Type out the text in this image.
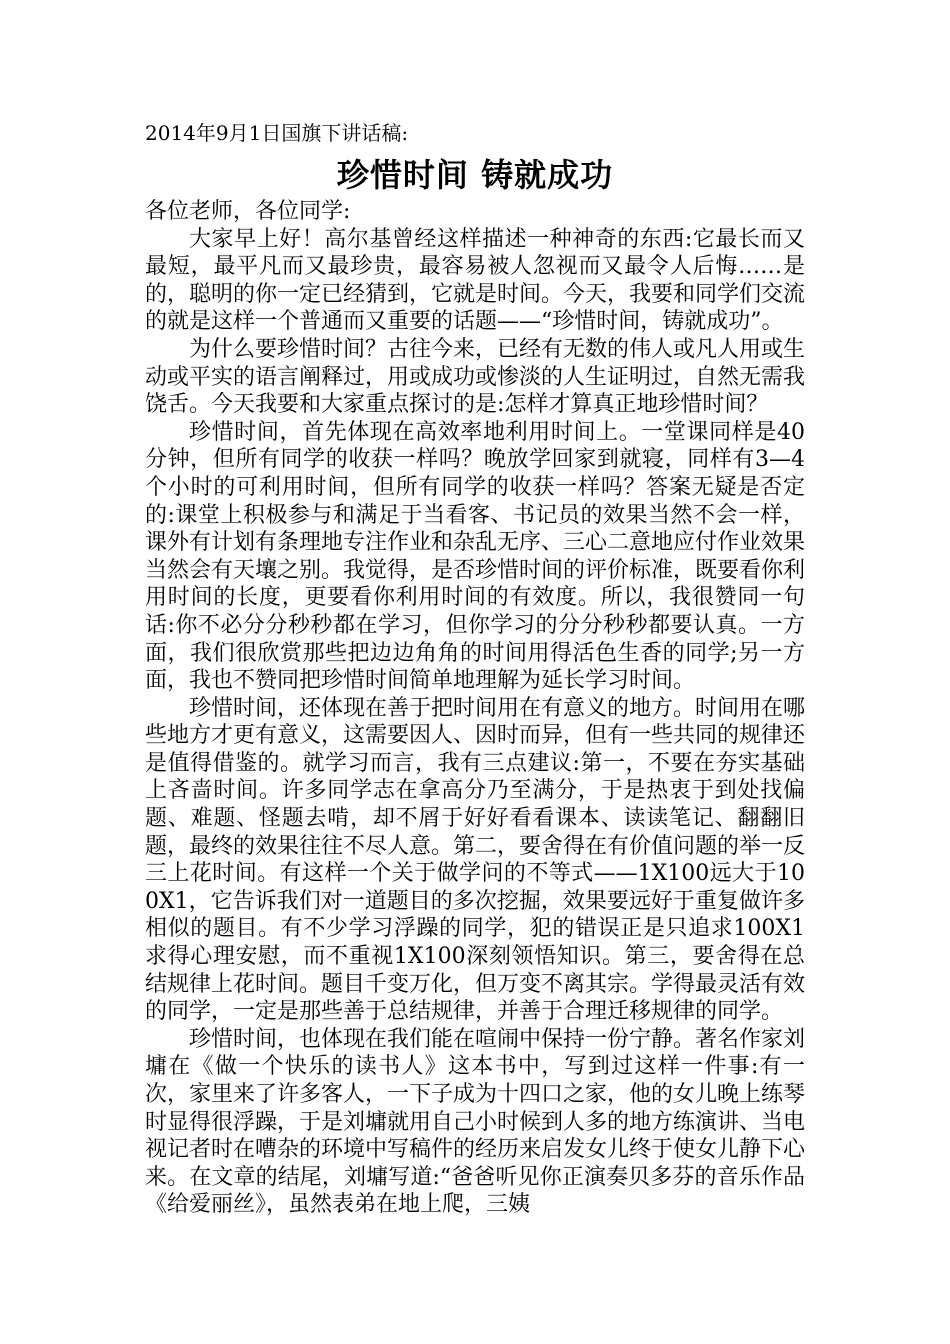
2014年9月1日国旗下讲话稿:

珍惜时间 铸就成功

各位老师，各位同学:

大家早上好！高尔基曾经这样描述一种神奇的东西:它最长而又最短，最平凡而又最珍贵，最容易被人忽视而又最令人后悔……是的，聪明的你一定已经猜到，它就是时间。今天，我要和同学们交流的就是这样一个普通而又重要的话题——“珍惜时间，铸就成功”。

为什么要珍惜时间？古往今来，已经有无数的伟人或凡人用或生动或平实的语言阐释过，用或成功或惨淡的人生证明过，自然无需我饶舌。今天我要和大家重点探讨的是:怎样才算真正地珍惜时间？

珍惜时间，首先体现在高效率地利用时间上。一堂课同样是40分钟，但所有同学的收获一样吗？晚放学回家到就寝，同样有3—4个小时的可利用时间，但所有同学的收获一样吗？答案无疑是否定的:课堂上积极参与和满足于当看客、书记员的效果当然不会一样，课外有计划有条理地专注作业和杂乱无序、三心二意地应付作业效果当然会有天壤之别。我觉得，是否珍惜时间的评价标准，既要看你利用时间的长度，更要看你利用时间的有效度。所以，我很赞同一句话:你不必分分秒秒都在学习，但你学习的分分秒秒都要认真。一方面，我们很欣赏那些把边边角角的时间用得活色生香的同学;另一方面，我也不赞同把珍惜时间简单地理解为延长学习时间。

珍惜时间，还体现在善于把时间用在有意义的地方。时间用在哪些地方才更有意义，这需要因人、因时而异，但有一些共同的规律还是值得借鉴的。就学习而言，我有三点建议:第一，不要在夯实基础上吝啬时间。许多同学志在拿高分乃至满分，于是热衷于到处找偏题、难题、怪题去啃，却不屑于好好看看课本、读读笔记、翻翻旧题，最终的效果往往不尽人意。第二，要舍得在有价值问题的举一反三上花时间。有这样一个关于做学问的不等式——1X100远大于100X1，它告诉我们对一道题目的多次挖掘，效果要远好于重复做许多相似的题目。有不少学习浮躁的同学，犯的错误正是只追求100X1求得心理安慰，而不重视1X100深刻领悟知识。第三，要舍得在总结规律上花时间。题目千变万化，但万变不离其宗。学得最灵活有效的同学，一定是那些善于总结规律，并善于合理迁移规律的同学。

珍惜时间，也体现在我们能在喧闹中保持一份宁静。著名作家刘墉在《做一个快乐的读书人》这本书中，写到过这样一件事:有一次，家里来了许多客人，一下子成为十四口之家，他的女儿晚上练琴时显得很浮躁，于是刘墉就用自己小时候到人多的地方练演讲、当电视记者时在嘈杂的环境中写稿件的经历来启发女儿终于使女儿静下心来。在文章的结尾，刘墉写道:“爸爸听见你正演奏贝多芬的音乐作品《给爱丽丝》，虽然表弟在地上爬，三姨
